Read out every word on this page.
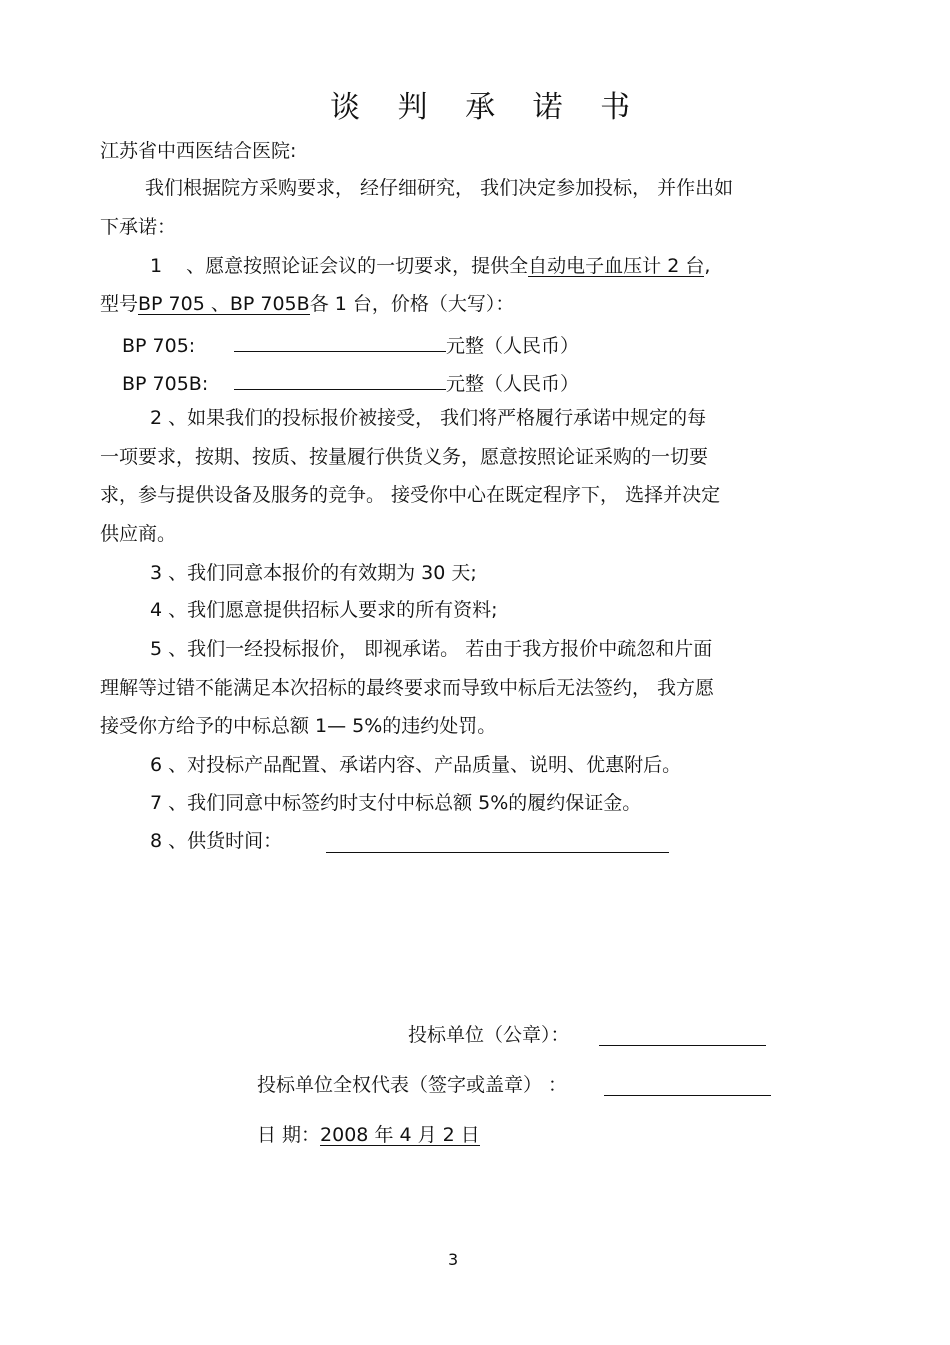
谈 判 承 诺 书
江苏省中西医结合医院:
我们根据院方采购要求， 经仔细研究， 我们决定参加投标， 并作出如
下承诺：
1 、愿意按照论证会议的一切要求，提供全自动电子血压计 2 台,
型号BP 705 、BP 705B各 1 台，价格（大写）：
BP 705:	元整（人民币）
BP 705B:	元整（人民币）
2 、如果我们的投标报价被接受， 我们将严格履行承诺中规定的每
一项要求，按期、按质、按量履行供货义务，愿意按照论证采购的一切要
求，参与提供设备及服务的竞争。 接受你中心在既定程序下， 选择并决定
供应商。
3 、我们同意本报价的有效期为 30 天;
4 、我们愿意提供招标人要求的所有资料;
5 、我们一经投标报价， 即视承诺。 若由于我方报价中疏忽和片面
理解等过错不能满足本次招标的最终要求而导致中标后无法签约， 我方愿
接受你方给予的中标总额 1— 5%的违约处罚。
6 、对投标产品配置、承诺内容、产品质量、说明、优惠附后。
7 、我们同意中标签约时支付中标总额 5%的履约保证金。
8 、供货时间：
投标单位（公章）：
投标单位全权代表（签字或盖章） ：
日 期：2008 年 4 月 2 日
3
